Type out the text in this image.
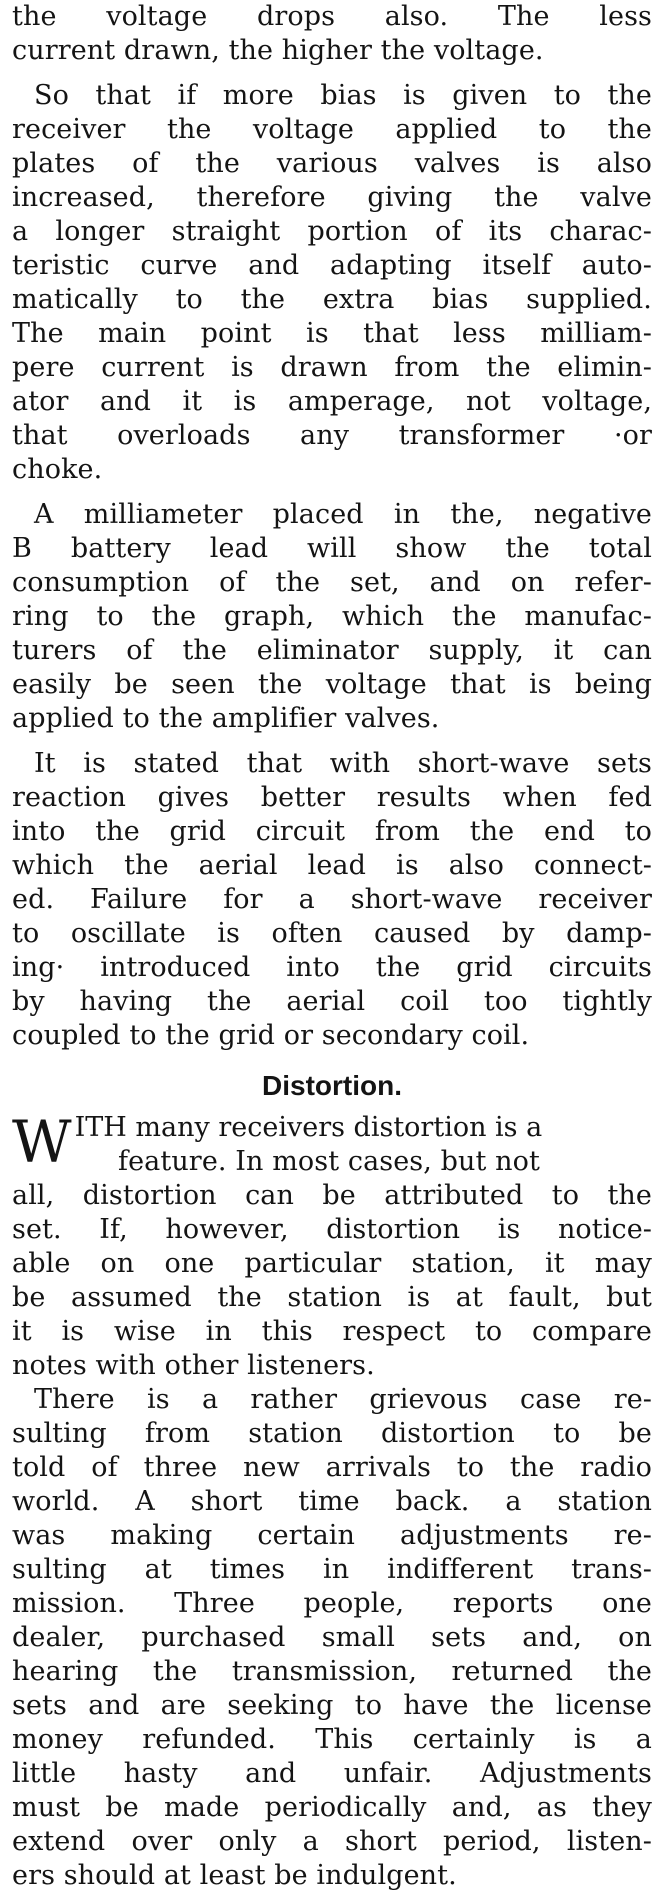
the voltage drops also. The less
current drawn, the higher the voltage.
So that if more bias is given to the
receiver the voltage applied to the
plates of the various valves is also
increased, therefore giving the valve
a longer straight portion of its charac-
teristic curve and adapting itself auto-
matically to the extra bias supplied.
The main point is that less milliam-
pere current is drawn from the elimin-
ator and it is amperage, not voltage,
that overloads any transformer ·or
choke.
A milliameter placed in the, negative
B battery lead will show the total
consumption of the set, and on refer-
ring to the graph, which the manufac-
turers of the eliminator supply, it can
easily be seen the voltage that is being
applied to the amplifier valves.
It is stated that with short-wave sets
reaction gives better results when fed
into the grid circuit from the end to
which the aerial lead is also connect-
ed. Failure for a short-wave receiver
to oscillate is often caused by damp-
ing· introduced into the grid circuits
by having the aerial coil too tightly
coupled to the grid or secondary coil.
Distortion.
W ITH many receivers distortion is a
feature. In most cases, but not
all, distortion can be attributed to the
set. If, however, distortion is notice-
able on one particular station, it may
be assumed the station is at fault, but
it is wise in this respect to compare
notes with other listeners.
There is a rather grievous case re-
sulting from station distortion to be
told of three new arrivals to the radio
world. A short time back. a station
was making certain adjustments re-
sulting at times in indifferent trans-
mission. Three people, reports one
dealer, purchased small sets and, on
hearing the transmission, returned the
sets and are seeking to have the license
money refunded. This certainly is a
little hasty and unfair. Adjustments
must be made periodically and, as they
extend over only a short period, listen-
ers should at least be indulgent.
